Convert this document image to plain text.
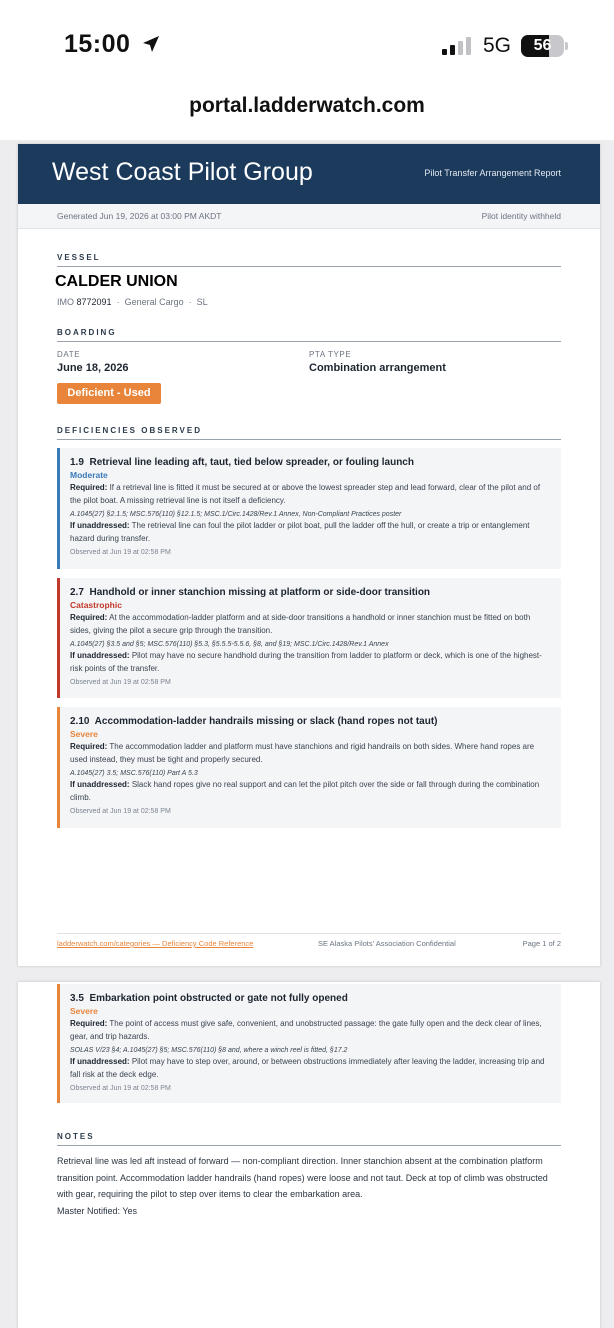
15:00	5G	56
portal.ladderwatch.com
West Coast Pilot Group	Pilot Transfer Arrangement Report
Generated Jun 19, 2026 at 03:00 PM AKDT	Pilot identity withheld
VESSEL
CALDER UNION
IMO 8772091  ·  General Cargo  ·  SL
BOARDING
DATE
June 18, 2026
PTA TYPE
Combination arrangement
Deficient - Used
DEFICIENCIES OBSERVED
1.9 Retrieval line leading aft, taut, tied below spreader, or fouling launch
Moderate
Required: If a retrieval line is fitted it must be secured at or above the lowest spreader step and lead forward, clear of the pilot and of the pilot boat. A missing retrieval line is not itself a deficiency.
A.1045(27) §2.1.5; MSC.576(110) §12.1.5; MSC.1/Circ.1428/Rev.1 Annex, Non-Compliant Practices poster
If unaddressed: The retrieval line can foul the pilot ladder or pilot boat, pull the ladder off the hull, or create a trip or entanglement hazard during transfer.
Observed at Jun 19 at 02:58 PM
2.7 Handhold or inner stanchion missing at platform or side-door transition
Catastrophic
Required: At the accommodation-ladder platform and at side-door transitions a handhold or inner stanchion must be fitted on both sides, giving the pilot a secure grip through the transition.
A.1045(27) §3.5 and §5; MSC.576(110) §5.3, §5.5.5-5.5.6, §8, and §19; MSC.1/Circ.1428/Rev.1 Annex
If unaddressed: Pilot may have no secure handhold during the transition from ladder to platform or deck, which is one of the highest-risk points of the transfer.
Observed at Jun 19 at 02:58 PM
2.10 Accommodation-ladder handrails missing or slack (hand ropes not taut)
Severe
Required: The accommodation ladder and platform must have stanchions and rigid handrails on both sides. Where hand ropes are used instead, they must be tight and properly secured.
A.1045(27) 3.5; MSC.576(110) Part A 5.3
If unaddressed: Slack hand ropes give no real support and can let the pilot pitch over the side or fall through during the combination climb.
Observed at Jun 19 at 02:58 PM
ladderwatch.com/categories — Deficiency Code Reference	SE Alaska Pilots' Association Confidential	Page 1 of 2
3.5 Embarkation point obstructed or gate not fully opened
Severe
Required: The point of access must give safe, convenient, and unobstructed passage: the gate fully open and the deck clear of lines, gear, and trip hazards.
SOLAS V/23 §4; A.1045(27) §5; MSC.576(110) §8 and, where a winch reel is fitted, §17.2
If unaddressed: Pilot may have to step over, around, or between obstructions immediately after leaving the ladder, increasing trip and fall risk at the deck edge.
Observed at Jun 19 at 02:58 PM
NOTES
Retrieval line was led aft instead of forward — non-compliant direction. Inner stanchion absent at the combination platform transition point. Accommodation ladder handrails (hand ropes) were loose and not taut. Deck at top of climb was obstructed with gear, requiring the pilot to step over items to clear the embarkation area.
Master Notified: Yes
